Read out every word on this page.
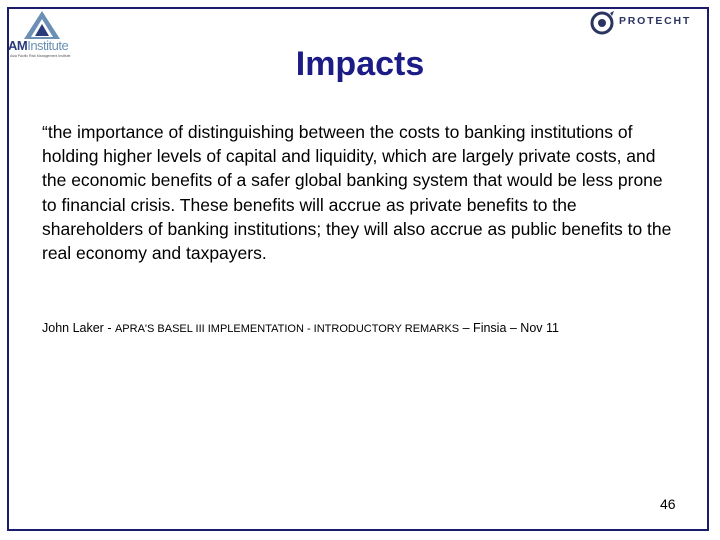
AMInstitute
Asia Pacific Risk Management Institute
PROTECHT
Impacts
“the importance of distinguishing between the costs to banking institutions of holding higher levels of capital and liquidity, which are largely private costs, and the economic benefits of a safer global banking system that would be less prone to financial crisis. These benefits will accrue as private benefits to the shareholders of banking institutions; they will also accrue as public benefits to the real economy and taxpayers.
John Laker - APRA'S BASEL III IMPLEMENTATION - INTRODUCTORY REMARKS – Finsia – Nov 11
46
